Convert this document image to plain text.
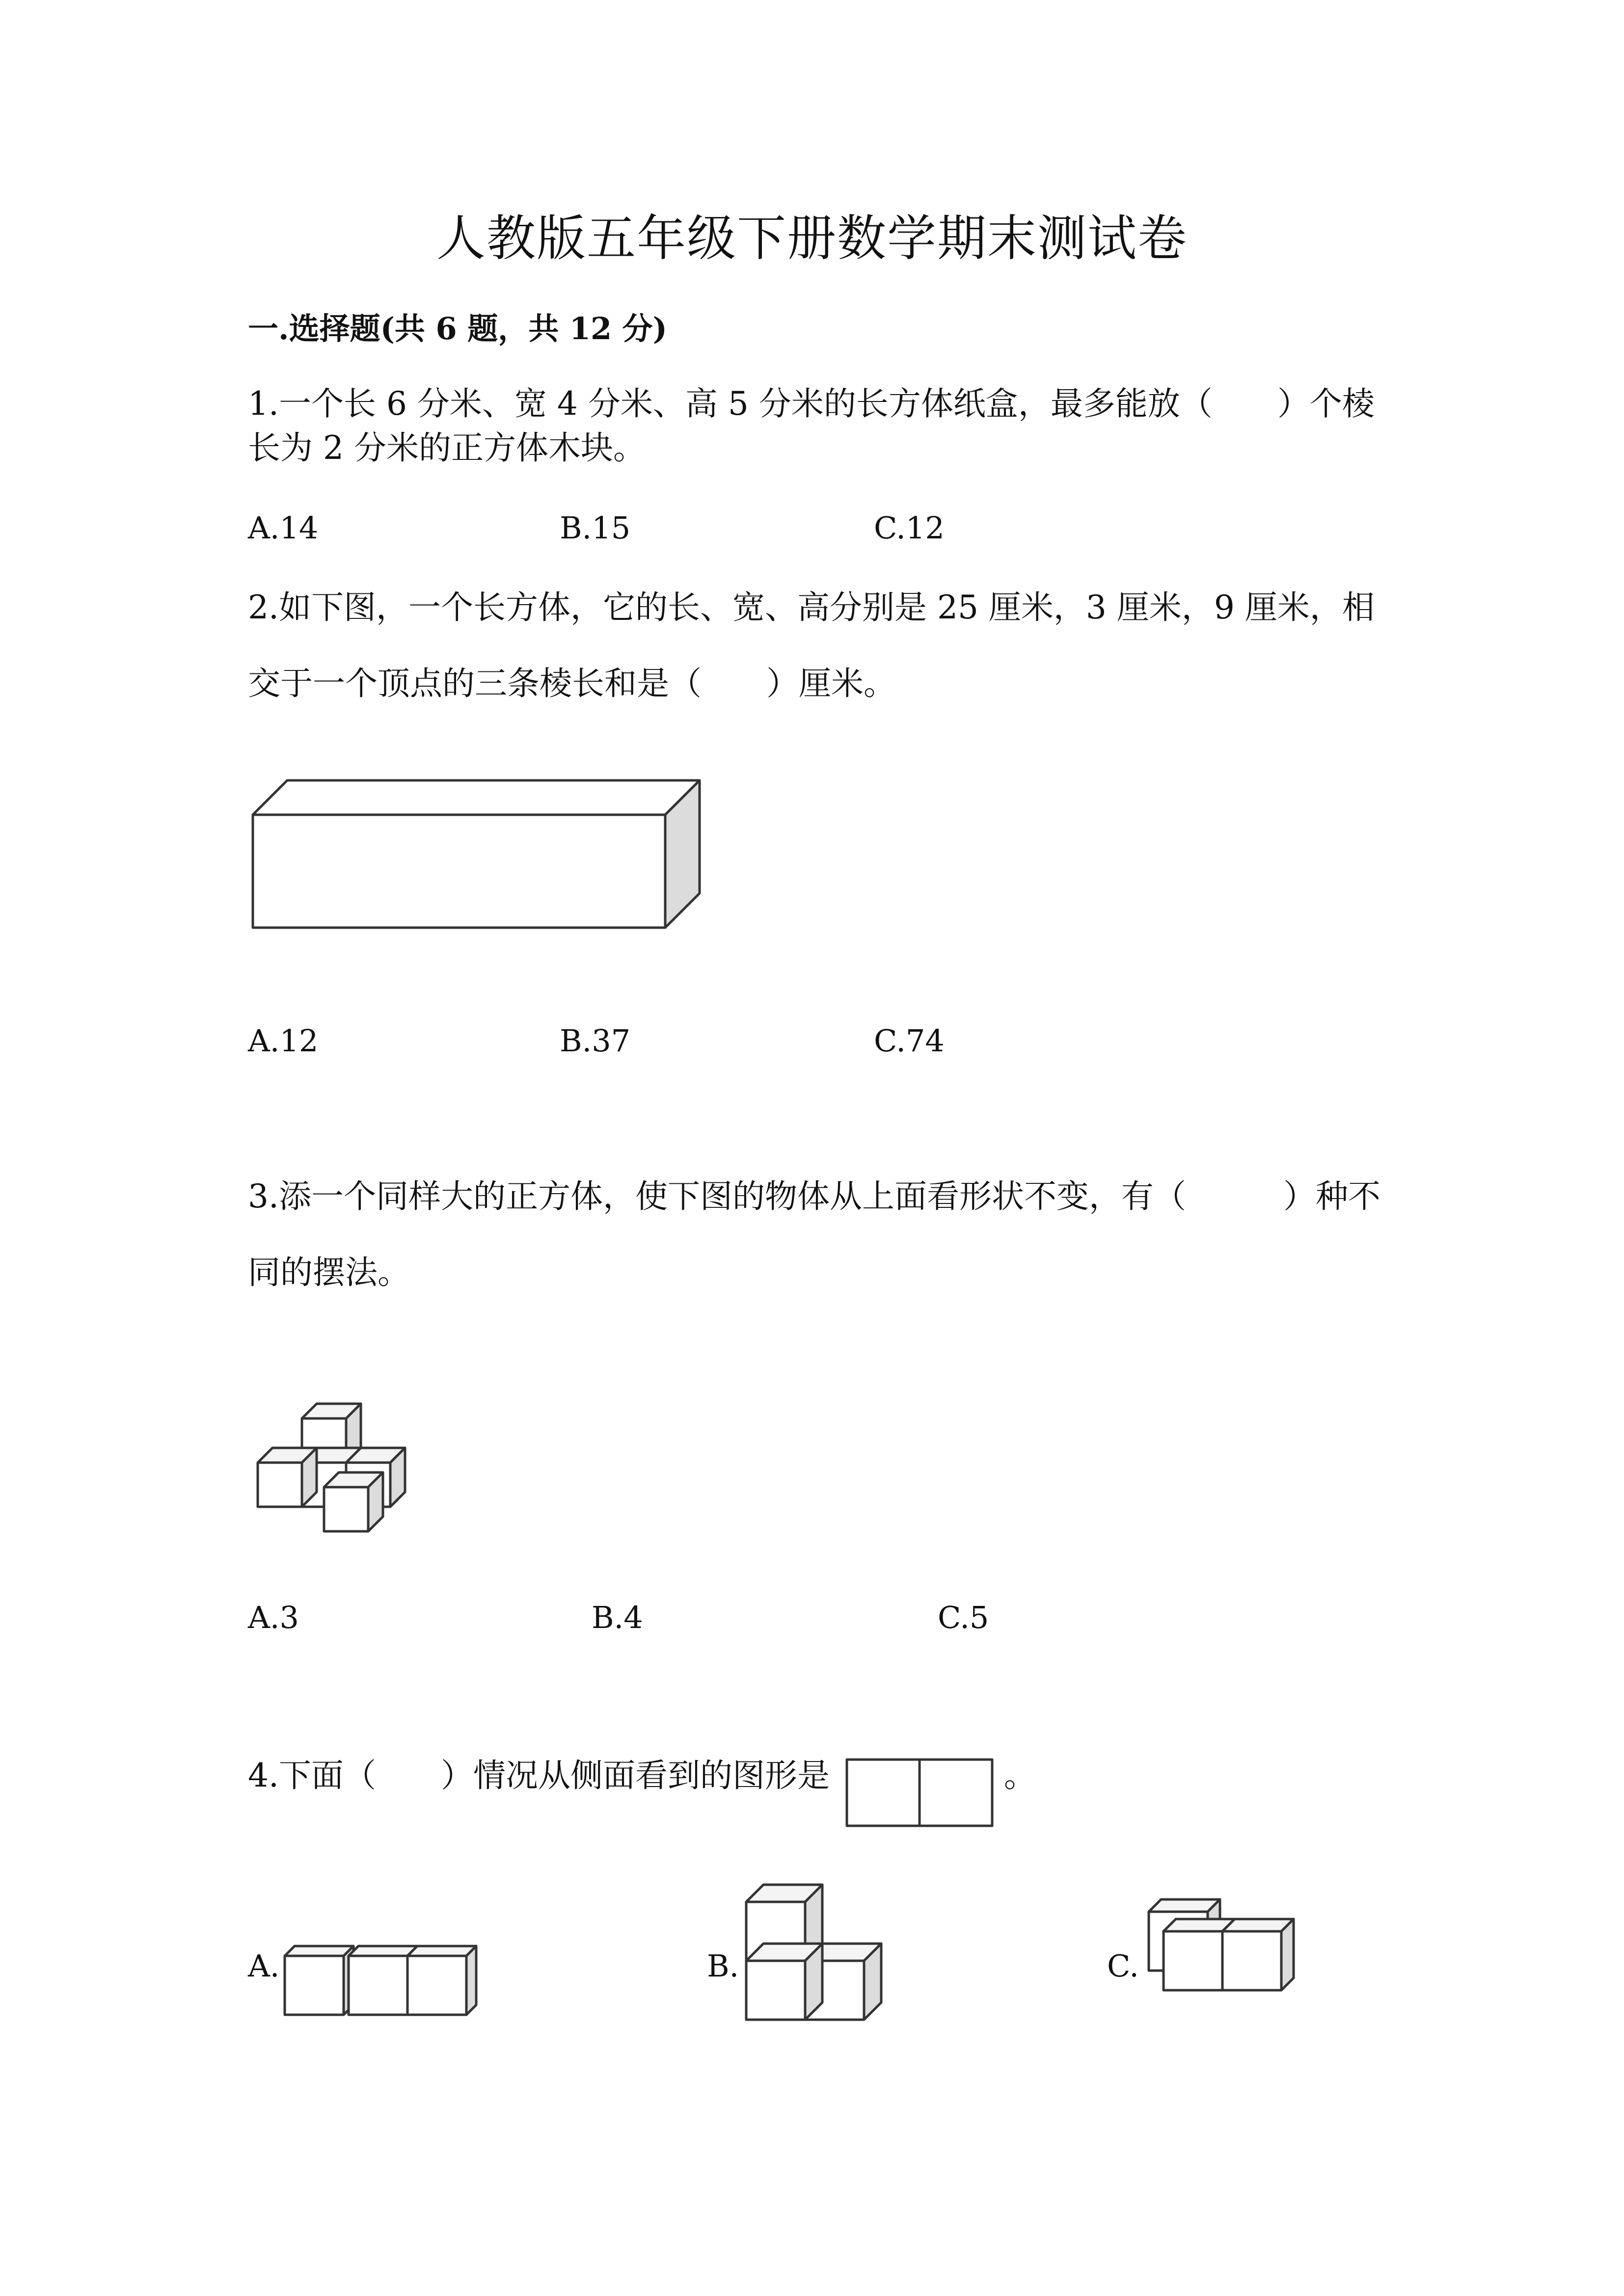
人教版五年级下册数学期末测试卷
一.选择题(共 6 题，共 12 分)
1.一个长 6 分米、宽 4 分米、高 5 分米的长方体纸盒，最多能放（　　）个棱
长为 2 分米的正方体木块。
A.14	B.15	C.12
2.如下图，一个长方体，它的长、宽、高分别是 25 厘米，3 厘米，9 厘米，相
交于一个顶点的三条棱长和是（　　）厘米。
A.12	B.37	C.74
3.添一个同样大的正方体，使下图的物体从上面看形状不变，有（　　　）种不
同的摆法。
A.3	B.4	C.5
4.下面（　　）情况从侧面看到的图形是	。
A.	B.	C.
